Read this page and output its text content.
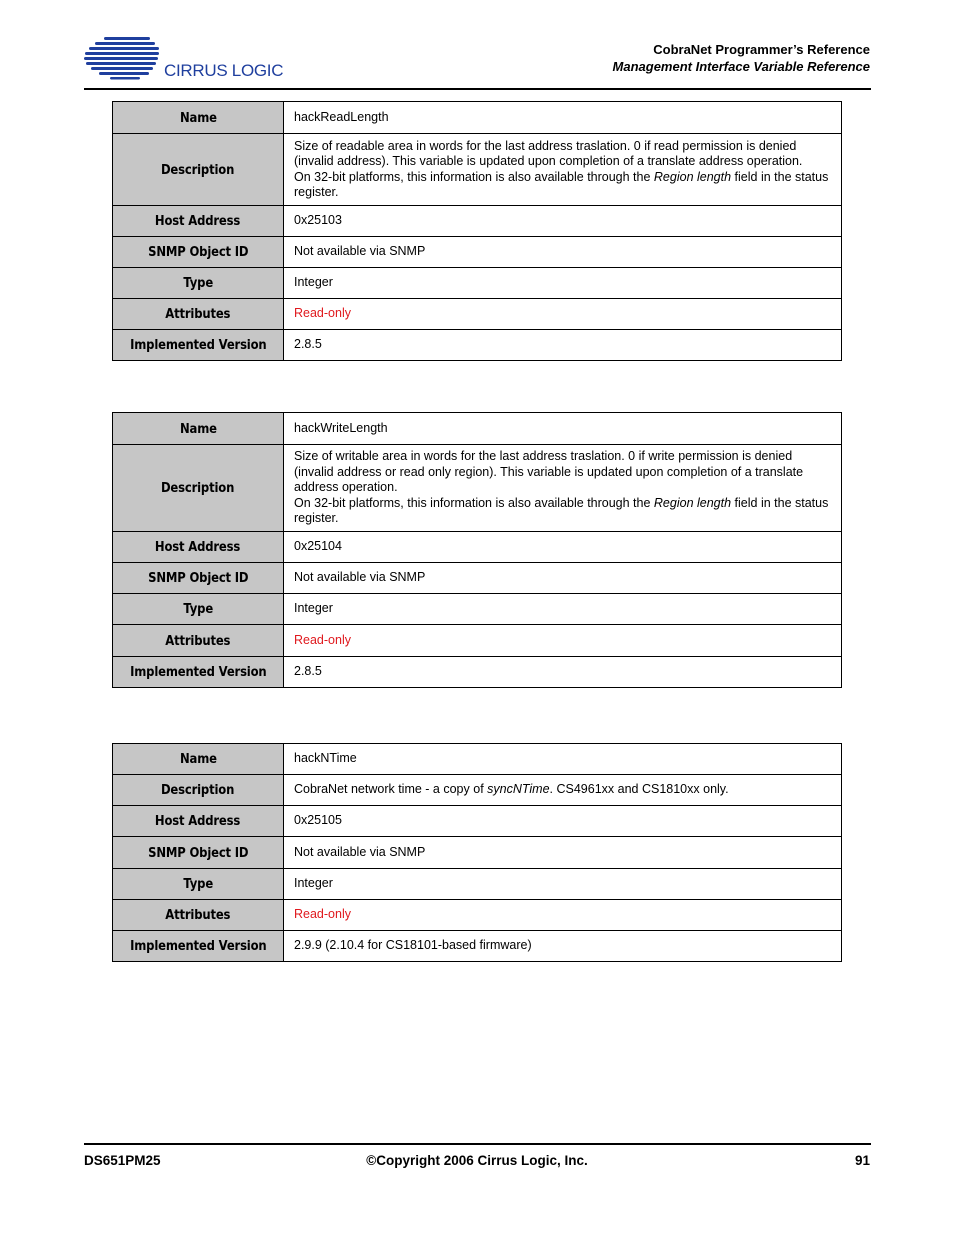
CIRRUS LOGIC
CobraNet Programmer’s Reference
Management Interface Variable Reference
Name	hackReadLength
Description	Size of readable area in words for the last address traslation. 0 if read permission is denied (invalid address). This variable is updated upon completion of a translate address operation.
On 32-bit platforms, this information is also available through the Region length field in the status register.

Host Address	0x25103
SNMP Object ID	Not available via SNMP
Type	Integer
Attributes	Read-only
Implemented Version	2.8.5
Name	hackWriteLength
Description	Size of writable area in words for the last address traslation. 0 if write permission is denied (invalid address or read only region). This variable is updated upon completion of a translate address operation.
On 32-bit platforms, this information is also available through the Region length field in the status register.

Host Address	0x25104
SNMP Object ID	Not available via SNMP
Type	Integer
Attributes	Read-only
Implemented Version	2.8.5
Name	hackNTime
Description	CobraNet network time - a copy of syncNTime. CS4961xx and CS1810xx only.
Host Address	0x25105
SNMP Object ID	Not available via SNMP
Type	Integer
Attributes	Read-only
Implemented Version	2.9.9 (2.10.4 for CS18101-based firmware)
DS651PM25	©Copyright 2006 Cirrus Logic, Inc.	91
